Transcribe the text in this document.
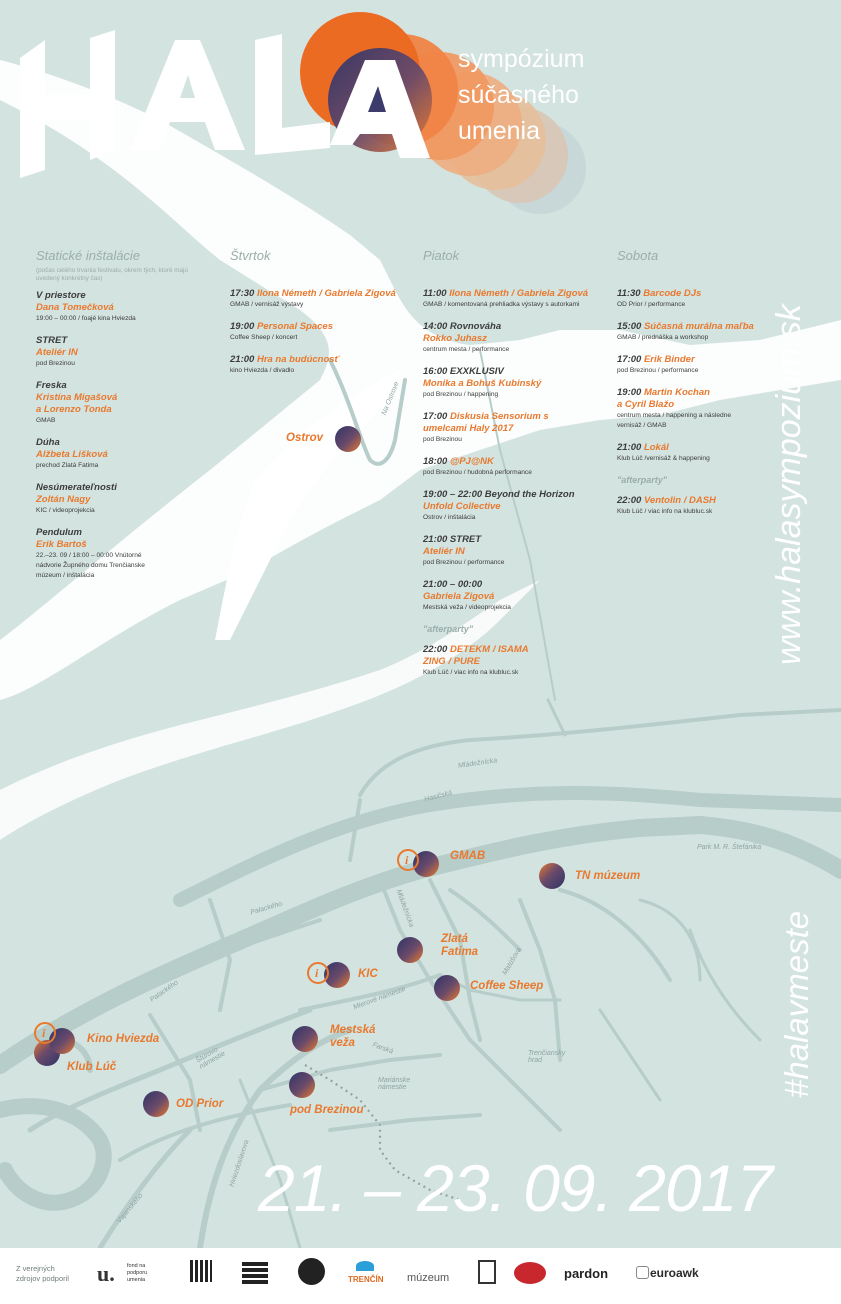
i
i
i
sympózium
súčasného
umenia
Statické inštalácie	Štvrtok	Piatok	Sobota
(počas celého trvania festivalu, okrem tých, ktoré majú uvedený konkrétny čas)
V priestore
Dana Tomečková
19:00 – 00:00 / foajé kina Hviezda
STRET
Ateliér IN
pod Brezinou
Freska
Kristína Migašová a Lorenzo Tonda
GMAB
Dúha
Alžbeta Lišková
prechod Zlatá Fatima
Nesúmerateľnosti
Zoltán Nagy
KIC / videoprojekcia
Pendulum
Erik Bartoš
22.–23. 09 / 18:00 – 00:00 Vnútorné nádvorie Župného domu Trenčianske múzeum / inštalácia
17:30 Ilona Németh / Gabriela Zigová
GMAB / vernisáž výstavy
19:00 Personal Spaces
Coffee Sheep / koncert
21:00 Hra na budúcnosť
kino Hviezda / divadlo
11:00 Ilona Németh / Gabriela Zigová
GMAB / komentovaná prehliadka výstavy s autorkami
14:00 Rovnováha
Rokko Juhasz
centrum mesta / performance
16:00 EXXKLUSIV
Monika a Bohuš Kubinský
pod Brezinou / happening
17:00 Diskusia Sensorium s umelcami Haly 2017
pod Brezinou
18:00 @PJ@NK
pod Brezinou / hudobná performance
19:00 – 22:00 Beyond the Horizon
Unfold Collective
Ostrov / inštalácia
21:00 STRET
Ateliér IN
pod Brezinou / performance
21:00 – 00:00
Gabriela Zigová
Mestská veža / videoprojekcia
"afterparty"
22:00 DETEKM / ISAMA ZING / PURE
Klub Lúč / viac info na klubluc.sk
11:30 Barcode DJs
OD Prior / performance
15:00 Súčasná murálna maľba
GMAB / prednáška a workshop
17:00 Erik Binder
pod Brezinou / performance
19:00 Martin Kochan a Cyril Blažo
centrum mesta / happening a následne vernisáž / GMAB
21:00 Lokál
Klub Lúč /vernisáž & happening
"afterparty"
22:00 Ventolin / DASH
Klub Lúč / viac info na klubluc.sk
Ostrov
GMAB
TN múzeum
Zlatá Fatima
KIC
Coffee Sheep
Kino Hviezda
Klub Lúč
Mestská veža
OD Prior	pod Brezinou
Na Ostrove
Mládežnícka
Hasičská
Park M. R. Štefánika
Palackého	Mládežnícka
Mierové námestie
Matúšova
Palackého
Štúrovo námestie
Farská
Mariánske námestie
Trenčiansky hrad
Hviezdoslavova
Vajanského
www.halasympozium.sk
#halavmeste
21. – 23. 09. 2017
Z verejných zdrojov podporil	u. fond na podporu umenia	TRENČÍN múzeum	pardon	euroawk
